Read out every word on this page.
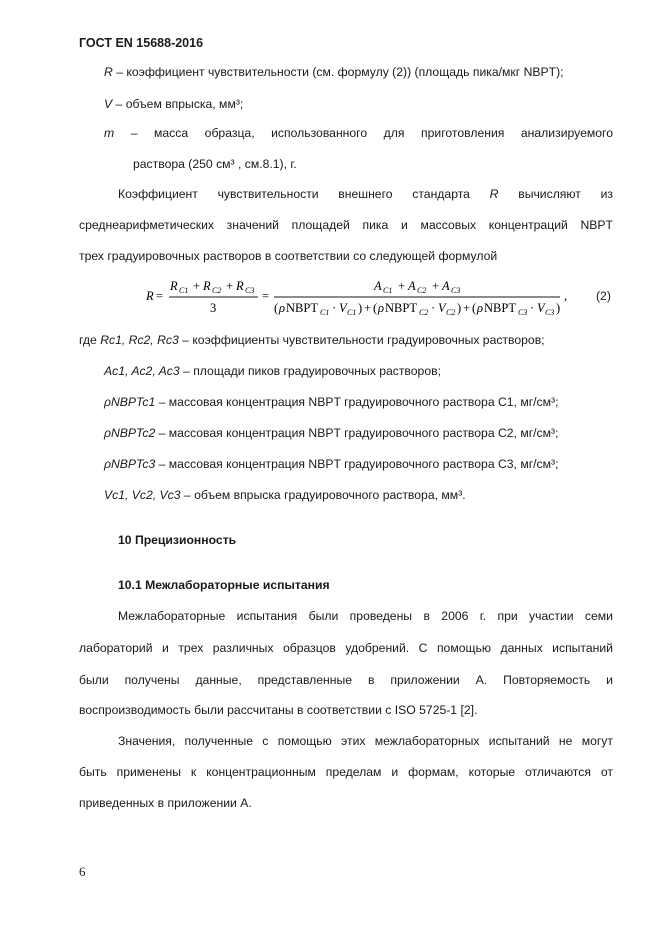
ГОСТ EN 15688-2016
R – коэффициент чувствительности (см. формулу (2)) (площадь пика/мкг NBPT);
V – объем впрыска, мм³;
m – масса образца, использованного для приготовления анализируемого
раствора (250 см³ , см.8.1), г.
Коэффициент чувствительности внешнего стандарта R вычисляют из
среднеарифметических значений площадей пика и массовых концентраций NBPT
трех градуировочных растворов в соответствии со следующей формулой
R =
R C1 + R C2 + R C3
3
=
A C1 + A C2 + A C3
( ρ NBPT C1 · V C1 ) + ( ρ NBPT C2 · V C2 ) + ( ρ NBPT C3 · V C3 )
, (2)
где Rс1, Rс2, Rс3 – коэффициенты чувствительности градуировочных растворов;
Ac1, Ac2, Ac3 – площади пиков градуировочных растворов;
ρNBPTc1 – массовая концентрация NBPT градуировочного раствора С1, мг/см³;
ρNBPTc2 – массовая концентрация NBPT градуировочного раствора С2, мг/см³;
ρNBPTc3 – массовая концентрация NBPT градуировочного раствора С3, мг/см³;
Vc1, Vc2, Vc3 – объем впрыска градуировочного раствора, мм³.
10 Прецизионность
10.1 Межлабораторные испытания
Межлабораторные испытания были проведены в 2006 г. при участии семи
лабораторий и трех различных образцов удобрений. С помощью данных испытаний
были получены данные, представленные в приложении А. Повторяемость и
воспроизводимость были рассчитаны в соответствии с ISO 5725-1 [2].
Значения, полученные с помощью этих межлабораторных испытаний не могут
быть применены к концентрационным пределам и формам, которые отличаются от
приведенных в приложении А.
6
